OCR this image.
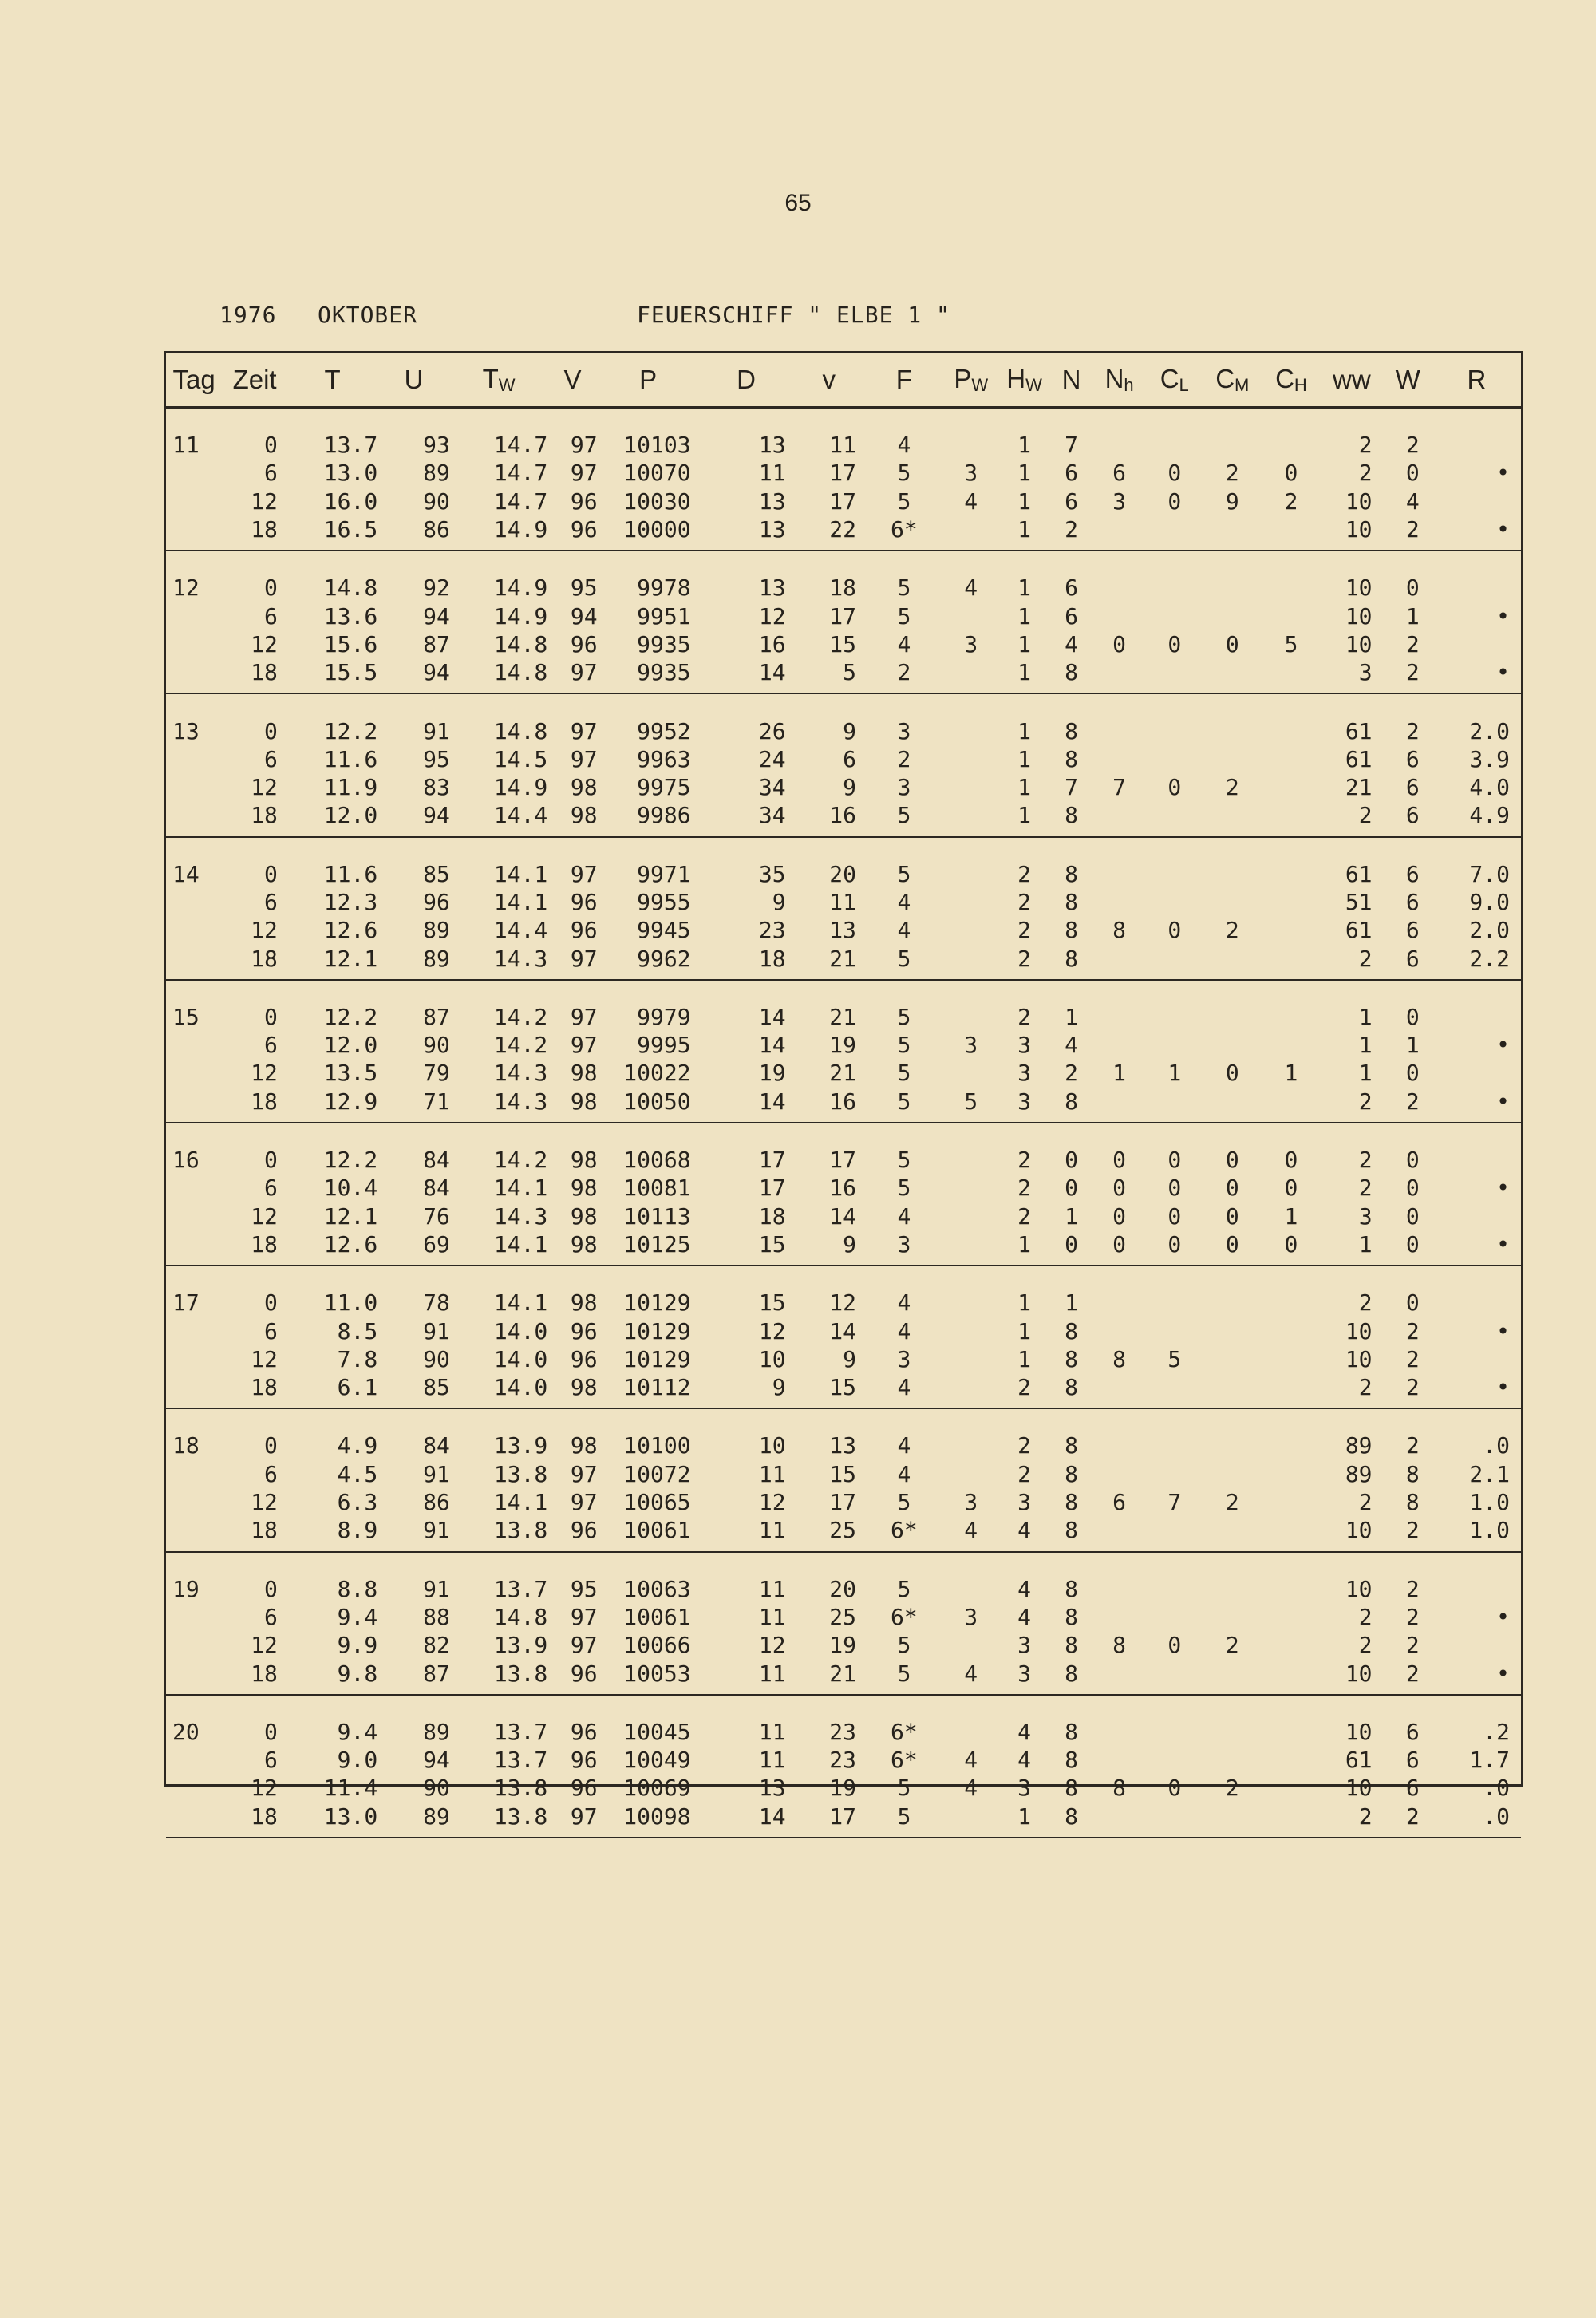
65
1976 OKTOBER	FEUERSCHIFF " ELBE 1 "
Tag	Zeit	T	U	$T_W$	V	P	D	v	F	$P_W$	$H_W$	N	$N_h$	$C_L$	$C_M$	$C_H$	ww	W	R

11	0	13.7	93	14.7	97	10103	13	11	4		1	7					2	2	
	6	13.0	89	14.7	97	10070	11	17	5	3	1	6	6	0	2	0	2	0	•
	12	16.0	90	14.7	96	10030	13	17	5	4	1	6	3	0	9	2	10	4	
	18	16.5	86	14.9	96	10000	13	22	6*		1	2					10	2	•

12	0	14.8	92	14.9	95	9978	13	18	5	4	1	6					10	0	
	6	13.6	94	14.9	94	9951	12	17	5		1	6					10	1	•
	12	15.6	87	14.8	96	9935	16	15	4	3	1	4	0	0	0	5	10	2	
	18	15.5	94	14.8	97	9935	14	5	2		1	8					3	2	•

13	0	12.2	91	14.8	97	9952	26	9	3		1	8					61	2	2.0
	6	11.6	95	14.5	97	9963	24	6	2		1	8					61	6	3.9
	12	11.9	83	14.9	98	9975	34	9	3		1	7	7	0	2		21	6	4.0
	18	12.0	94	14.4	98	9986	34	16	5		1	8					2	6	4.9

14	0	11.6	85	14.1	97	9971	35	20	5		2	8					61	6	7.0
	6	12.3	96	14.1	96	9955	9	11	4		2	8					51	6	9.0
	12	12.6	89	14.4	96	9945	23	13	4		2	8	8	0	2		61	6	2.0
	18	12.1	89	14.3	97	9962	18	21	5		2	8					2	6	2.2

15	0	12.2	87	14.2	97	9979	14	21	5		2	1					1	0	
	6	12.0	90	14.2	97	9995	14	19	5	3	3	4					1	1	•
	12	13.5	79	14.3	98	10022	19	21	5		3	2	1	1	0	1	1	0	
	18	12.9	71	14.3	98	10050	14	16	5	5	3	8					2	2	•

16	0	12.2	84	14.2	98	10068	17	17	5		2	0	0	0	0	0	2	0	
	6	10.4	84	14.1	98	10081	17	16	5		2	0	0	0	0	0	2	0	•
	12	12.1	76	14.3	98	10113	18	14	4		2	1	0	0	0	1	3	0	
	18	12.6	69	14.1	98	10125	15	9	3		1	0	0	0	0	0	1	0	•

17	0	11.0	78	14.1	98	10129	15	12	4		1	1					2	0	
	6	8.5	91	14.0	96	10129	12	14	4		1	8					10	2	•
	12	7.8	90	14.0	96	10129	10	9	3		1	8	8	5			10	2	
	18	6.1	85	14.0	98	10112	9	15	4		2	8					2	2	•

18	0	4.9	84	13.9	98	10100	10	13	4		2	8					89	2	.0
	6	4.5	91	13.8	97	10072	11	15	4		2	8					89	8	2.1
	12	6.3	86	14.1	97	10065	12	17	5	3	3	8	6	7	2		2	8	1.0
	18	8.9	91	13.8	96	10061	11	25	6*	4	4	8					10	2	1.0

19	0	8.8	91	13.7	95	10063	11	20	5		4	8					10	2	
	6	9.4	88	14.8	97	10061	11	25	6*	3	4	8					2	2	•
	12	9.9	82	13.9	97	10066	12	19	5		3	8	8	0	2		2	2	
	18	9.8	87	13.8	96	10053	11	21	5	4	3	8					10	2	•

20	0	9.4	89	13.7	96	10045	11	23	6*		4	8					10	6	.2
	6	9.0	94	13.7	96	10049	11	23	6*	4	4	8					61	6	1.7
	12	11.4	90	13.8	96	10069	13	19	5	4	3	8	8	0	2		10	6	.0
	18	13.0	89	13.8	97	10098	14	17	5		1	8					2	2	.0
